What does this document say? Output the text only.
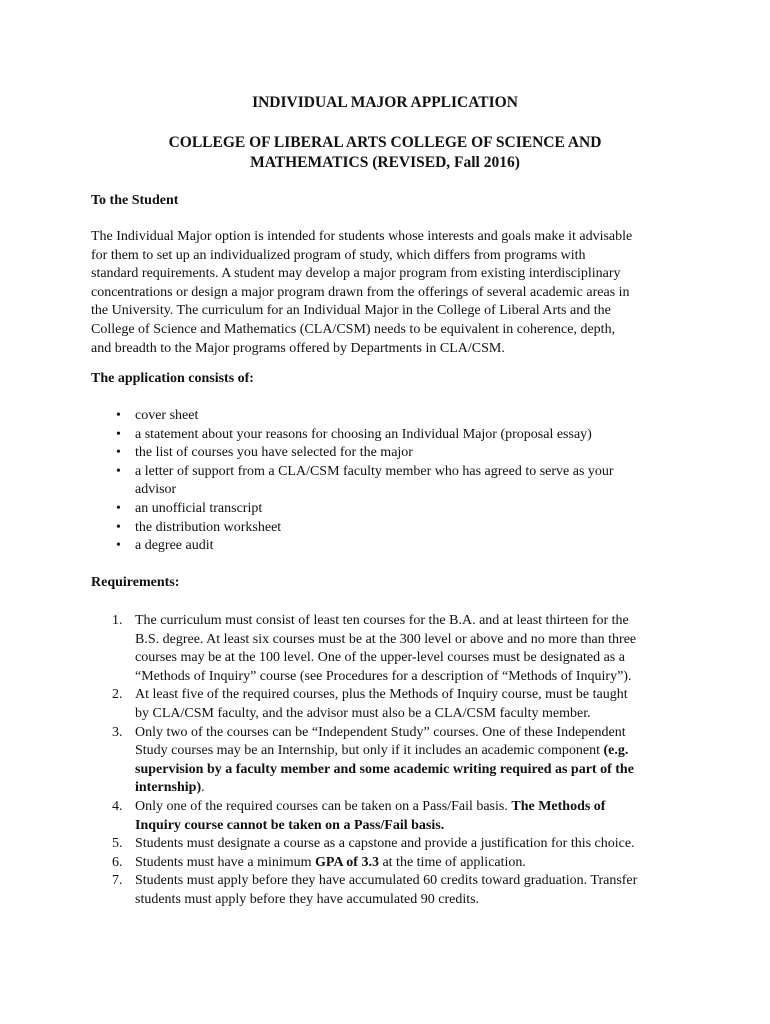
INDIVIDUAL MAJOR APPLICATION
COLLEGE OF LIBERAL ARTS COLLEGE OF SCIENCE AND MATHEMATICS (REVISED, Fall 2016)
To the Student

The Individual Major option is intended for students whose interests and goals make it advisable
for them to set up an individualized program of study, which differs from programs with
standard requirements. A student may develop a major program from existing interdisciplinary
concentrations or design a major program drawn from the offerings of several academic areas in
the University. The curriculum for an Individual Major in the College of Liberal Arts and the
College of Science and Mathematics (CLA/CSM) needs to be equivalent in coherence, depth,
and breadth to the Major programs offered by Departments in CLA/CSM.

The application consists of:
• cover sheet
• a statement about your reasons for choosing an Individual Major (proposal essay)
• the list of courses you have selected for the major
• a letter of support from a CLA/CSM faculty member who has agreed to serve as your
advisor
• an unofficial transcript
• the distribution worksheet
• a degree audit
Requirements:
1. The curriculum must consist of least ten courses for the B.A. and at least thirteen for the
B.S. degree. At least six courses must be at the 300 level or above and no more than three
courses may be at the 100 level. One of the upper-level courses must be designated as a
“Methods of Inquiry” course (see Procedures for a description of “Methods of Inquiry”).
2. At least five of the required courses, plus the Methods of Inquiry course, must be taught
by CLA/CSM faculty, and the advisor must also be a CLA/CSM faculty member.
3. Only two of the courses can be “Independent Study” courses. One of these Independent
Study courses may be an Internship, but only if it includes an academic component (e.g.
supervision by a faculty member and some academic writing required as part of the
internship).
4. Only one of the required courses can be taken on a Pass/Fail basis. The Methods of
Inquiry course cannot be taken on a Pass/Fail basis.
5. Students must designate a course as a capstone and provide a justification for this choice.
6. Students must have a minimum GPA of 3.3 at the time of application.
7. Students must apply before they have accumulated 60 credits toward graduation. Transfer
students must apply before they have accumulated 90 credits.
